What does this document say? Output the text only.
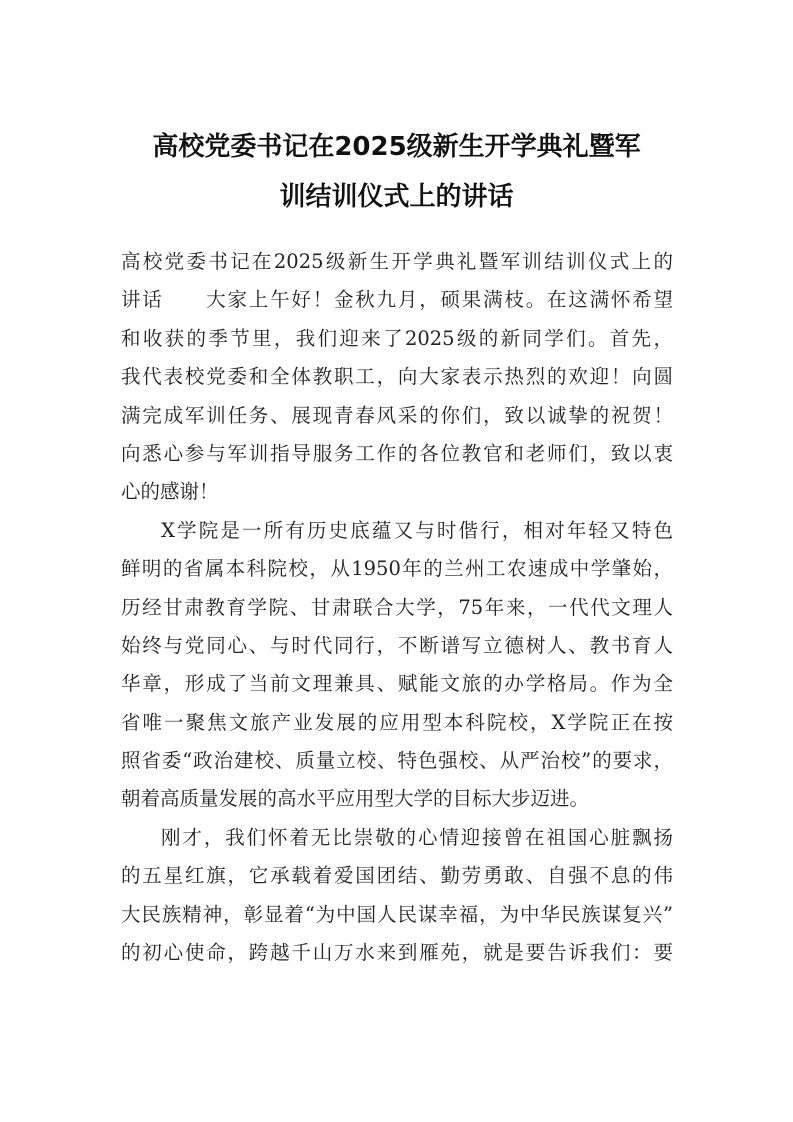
高校党委书记在2025级新生开学典礼暨军
训结训仪式上的讲话
高校党委书记在2025级新生开学典礼暨军训结训仪式上的
讲话　　大家上午好！金秋九月，硕果满枝。在这满怀希望
和收获的季节里，我们迎来了2025级的新同学们。首先，
我代表校党委和全体教职工，向大家表示热烈的欢迎！向圆
满完成军训任务、展现青春风采的你们，致以诚挚的祝贺！
向悉心参与军训指导服务工作的各位教官和老师们，致以衷
心的感谢！
X学院是一所有历史底蕴又与时偕行，相对年轻又特色
鲜明的省属本科院校，从1950年的兰州工农速成中学肇始，
历经甘肃教育学院、甘肃联合大学，75年来，一代代文理人
始终与党同心、与时代同行，不断谱写立德树人、教书育人
华章，形成了当前文理兼具、赋能文旅的办学格局。作为全
省唯一聚焦文旅产业发展的应用型本科院校，X学院正在按
照省委“政治建校、质量立校、特色强校、从严治校”的要求，
朝着高质量发展的高水平应用型大学的目标大步迈进。
刚才，我们怀着无比崇敬的心情迎接曾在祖国心脏飘扬
的五星红旗，它承载着爱国团结、勤劳勇敢、自强不息的伟
大民族精神，彰显着“为中国人民谋幸福，为中华民族谋复兴”
的初心使命，跨越千山万水来到雁苑，就是要告诉我们：要
